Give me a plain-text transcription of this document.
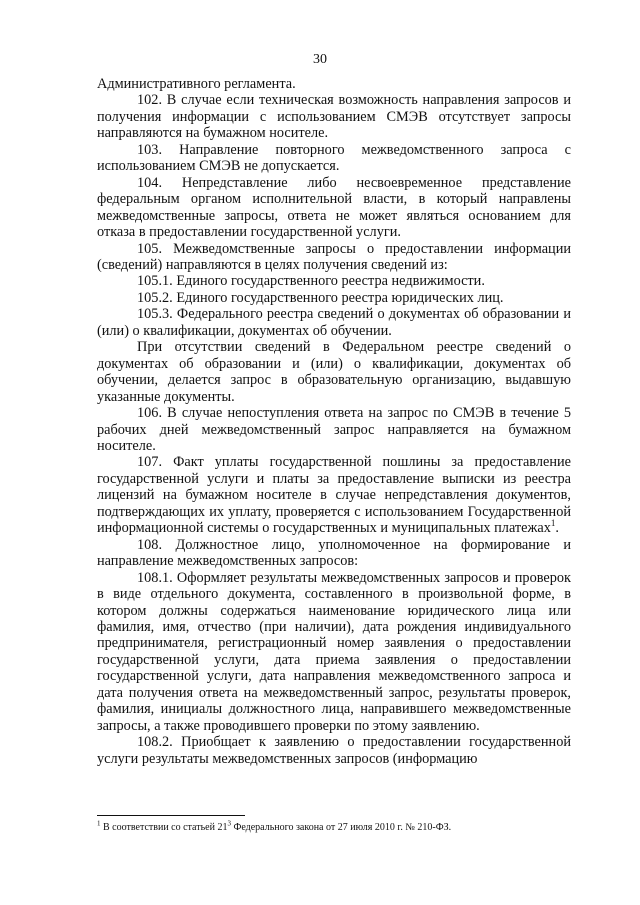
30

Административного регламента.

102. В случае если техническая возможность направления запросов и получения информации с использованием СМЭВ отсутствует запросы направляются на бумажном носителе.

103. Направление повторного межведомственного запроса с использованием СМЭВ не допускается.

104. Непредставление либо несвоевременное представление федеральным органом исполнительной власти, в который направлены межведомственные запросы, ответа не может являться основанием для отказа в предоставлении государственной услуги.

105. Межведомственные запросы о предоставлении информации (сведений) направляются в целях получения сведений из:

105.1. Единого государственного реестра недвижимости.

105.2. Единого государственного реестра юридических лиц.

105.3. Федерального реестра сведений о документах об образовании и (или) о квалификации, документах об обучении.

При отсутствии сведений в Федеральном реестре сведений о документах об образовании и (или) о квалификации, документах об обучении, делается запрос в образовательную организацию, выдавшую указанные документы.

106. В случае непоступления ответа на запрос по СМЭВ в течение 5 рабочих дней межведомственный запрос направляется на бумажном носителе.

107. Факт уплаты государственной пошлины за предоставление государственной услуги и платы за предоставление выписки из реестра лицензий на бумажном носителе в случае непредставления документов, подтверждающих их уплату, проверяется с использованием Государственной информационной системы о государственных и муниципальных платежах$^1$.

108. Должностное лицо, уполномоченное на формирование и направление межведомственных запросов:

108.1. Оформляет результаты межведомственных запросов и проверок в виде отдельного документа, составленного в произвольной форме, в котором должны содержаться наименование юридического лица или фамилия, имя, отчество (при наличии), дата рождения индивидуального предпринимателя, регистрационный номер заявления о предоставлении государственной услуги, дата приема заявления о предоставлении государственной услуги, дата направления межведомственного запроса и дата получения ответа на межведомственный запрос, результаты проверок, фамилия, инициалы должностного лица, направившего межведомственные запросы, а также проводившего проверки по этому заявлению.

108.2. Приобщает к заявлению о предоставлении государственной услуги результаты межведомственных запросов (информацию

$^1$ В соответствии со статьей $21^3$ Федерального закона от 27 июля 2010 г. № 210-ФЗ.
